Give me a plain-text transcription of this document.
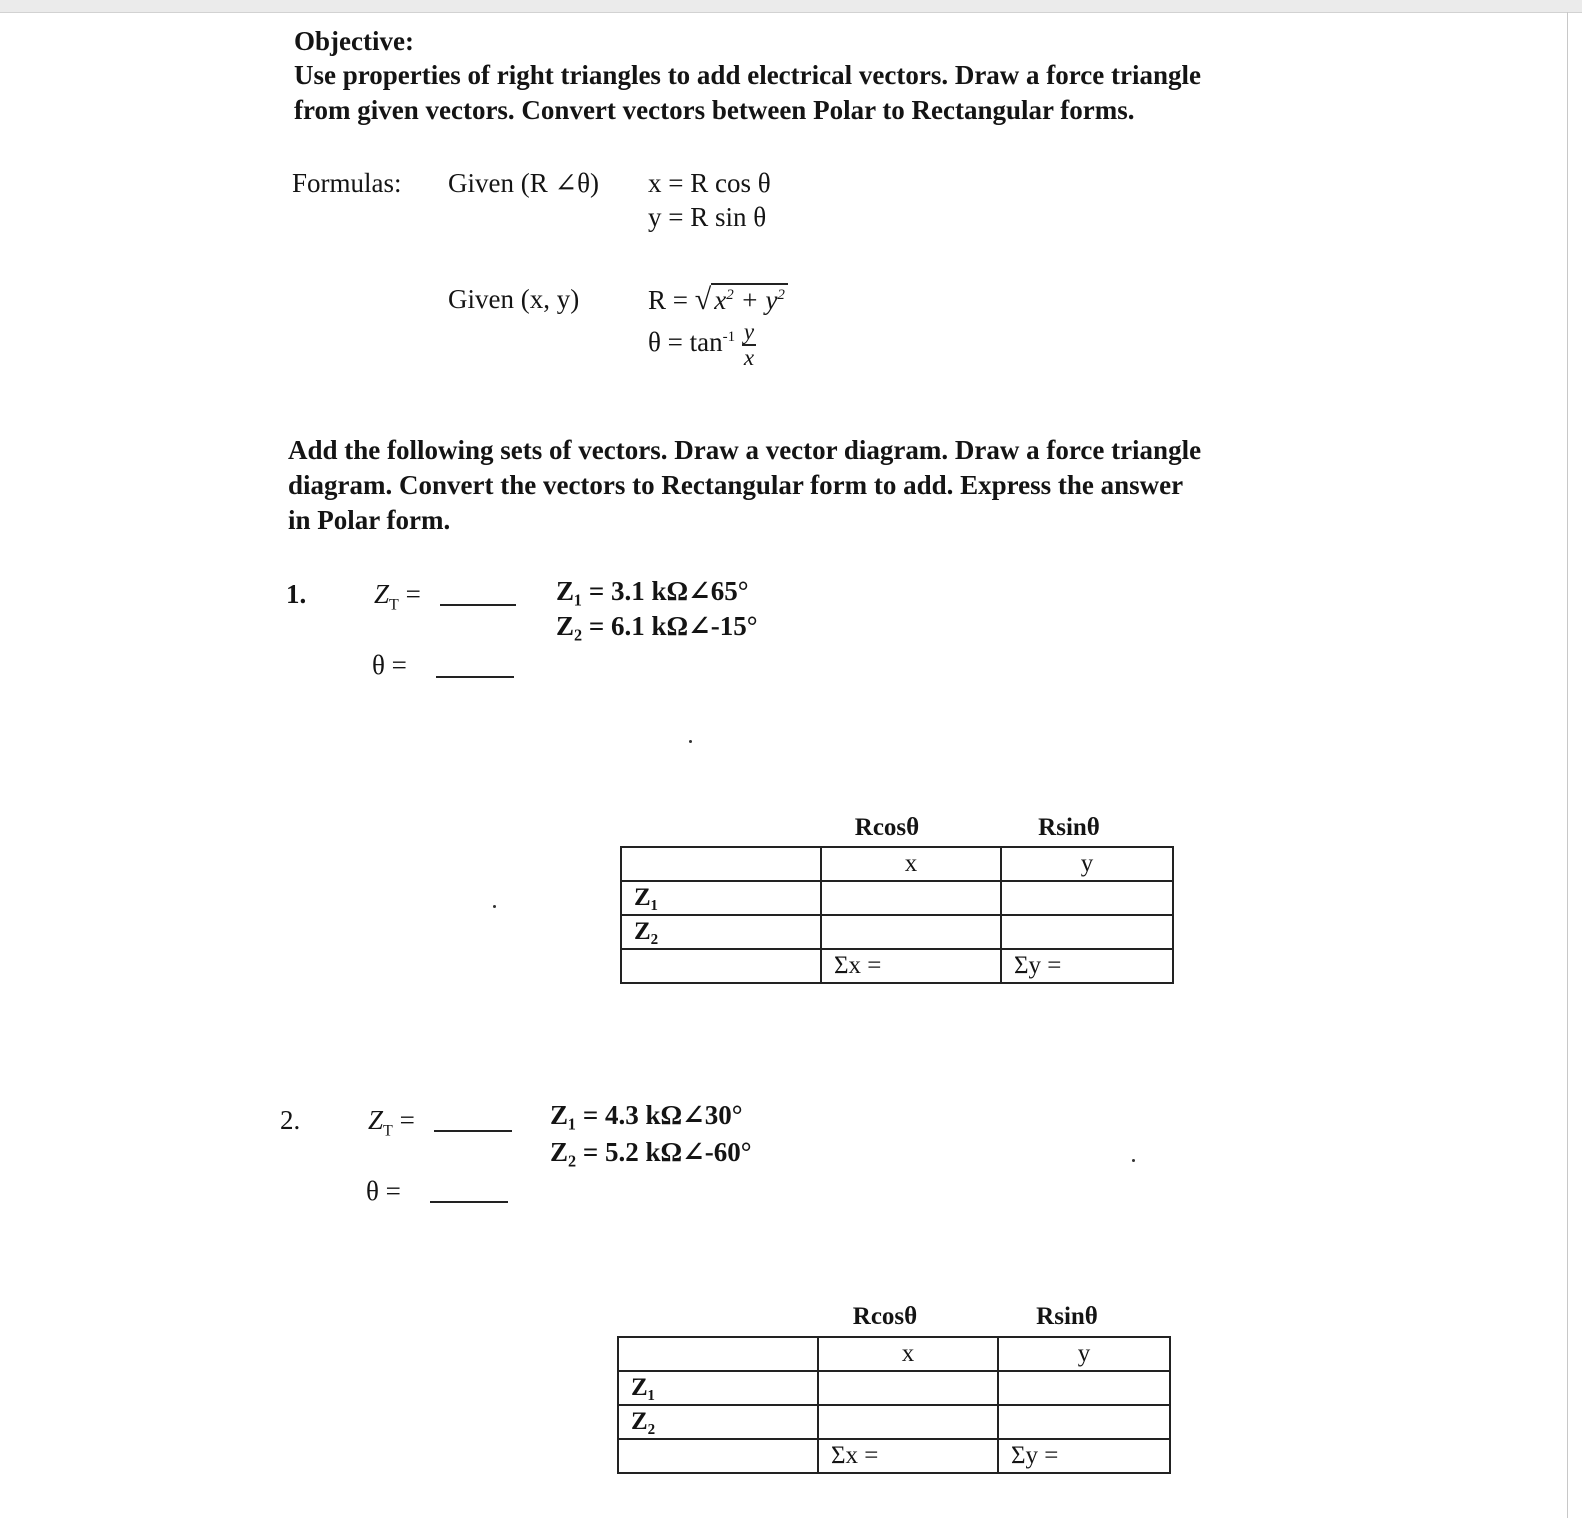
Objective:
Use properties of right triangles to add electrical vectors. Draw a force triangle
from given vectors. Convert vectors between Polar to Rectangular forms.
Formulas: Given (R ∠θ) x = R cos θ
y = R sin θ
Given (x, y)	R = √ $x^2 + y^2$
$\theta = \tan^{-1} \frac{y}{x}$
Add the following sets of vectors. Draw a vector diagram. Draw a force triangle
diagram. Convert the vectors to Rectangular form to add. Express the answer
in Polar form.
1.	$Z_T$ =	Z₁ = 3.1 kΩ∠65°
Z₂ = 6.1 kΩ∠-15°
θ =
Rcosθ	Rsinθ
	x	y
Z₁		
Z₂		
	Σx =	Σy =
2.	$Z_T$ =	Z₁ = 4.3 kΩ∠30°
Z₂ = 5.2 kΩ∠-60°
θ =
Rcosθ	Rsinθ
	x	y
Z₁		
Z₂		
	Σx =	Σy =
